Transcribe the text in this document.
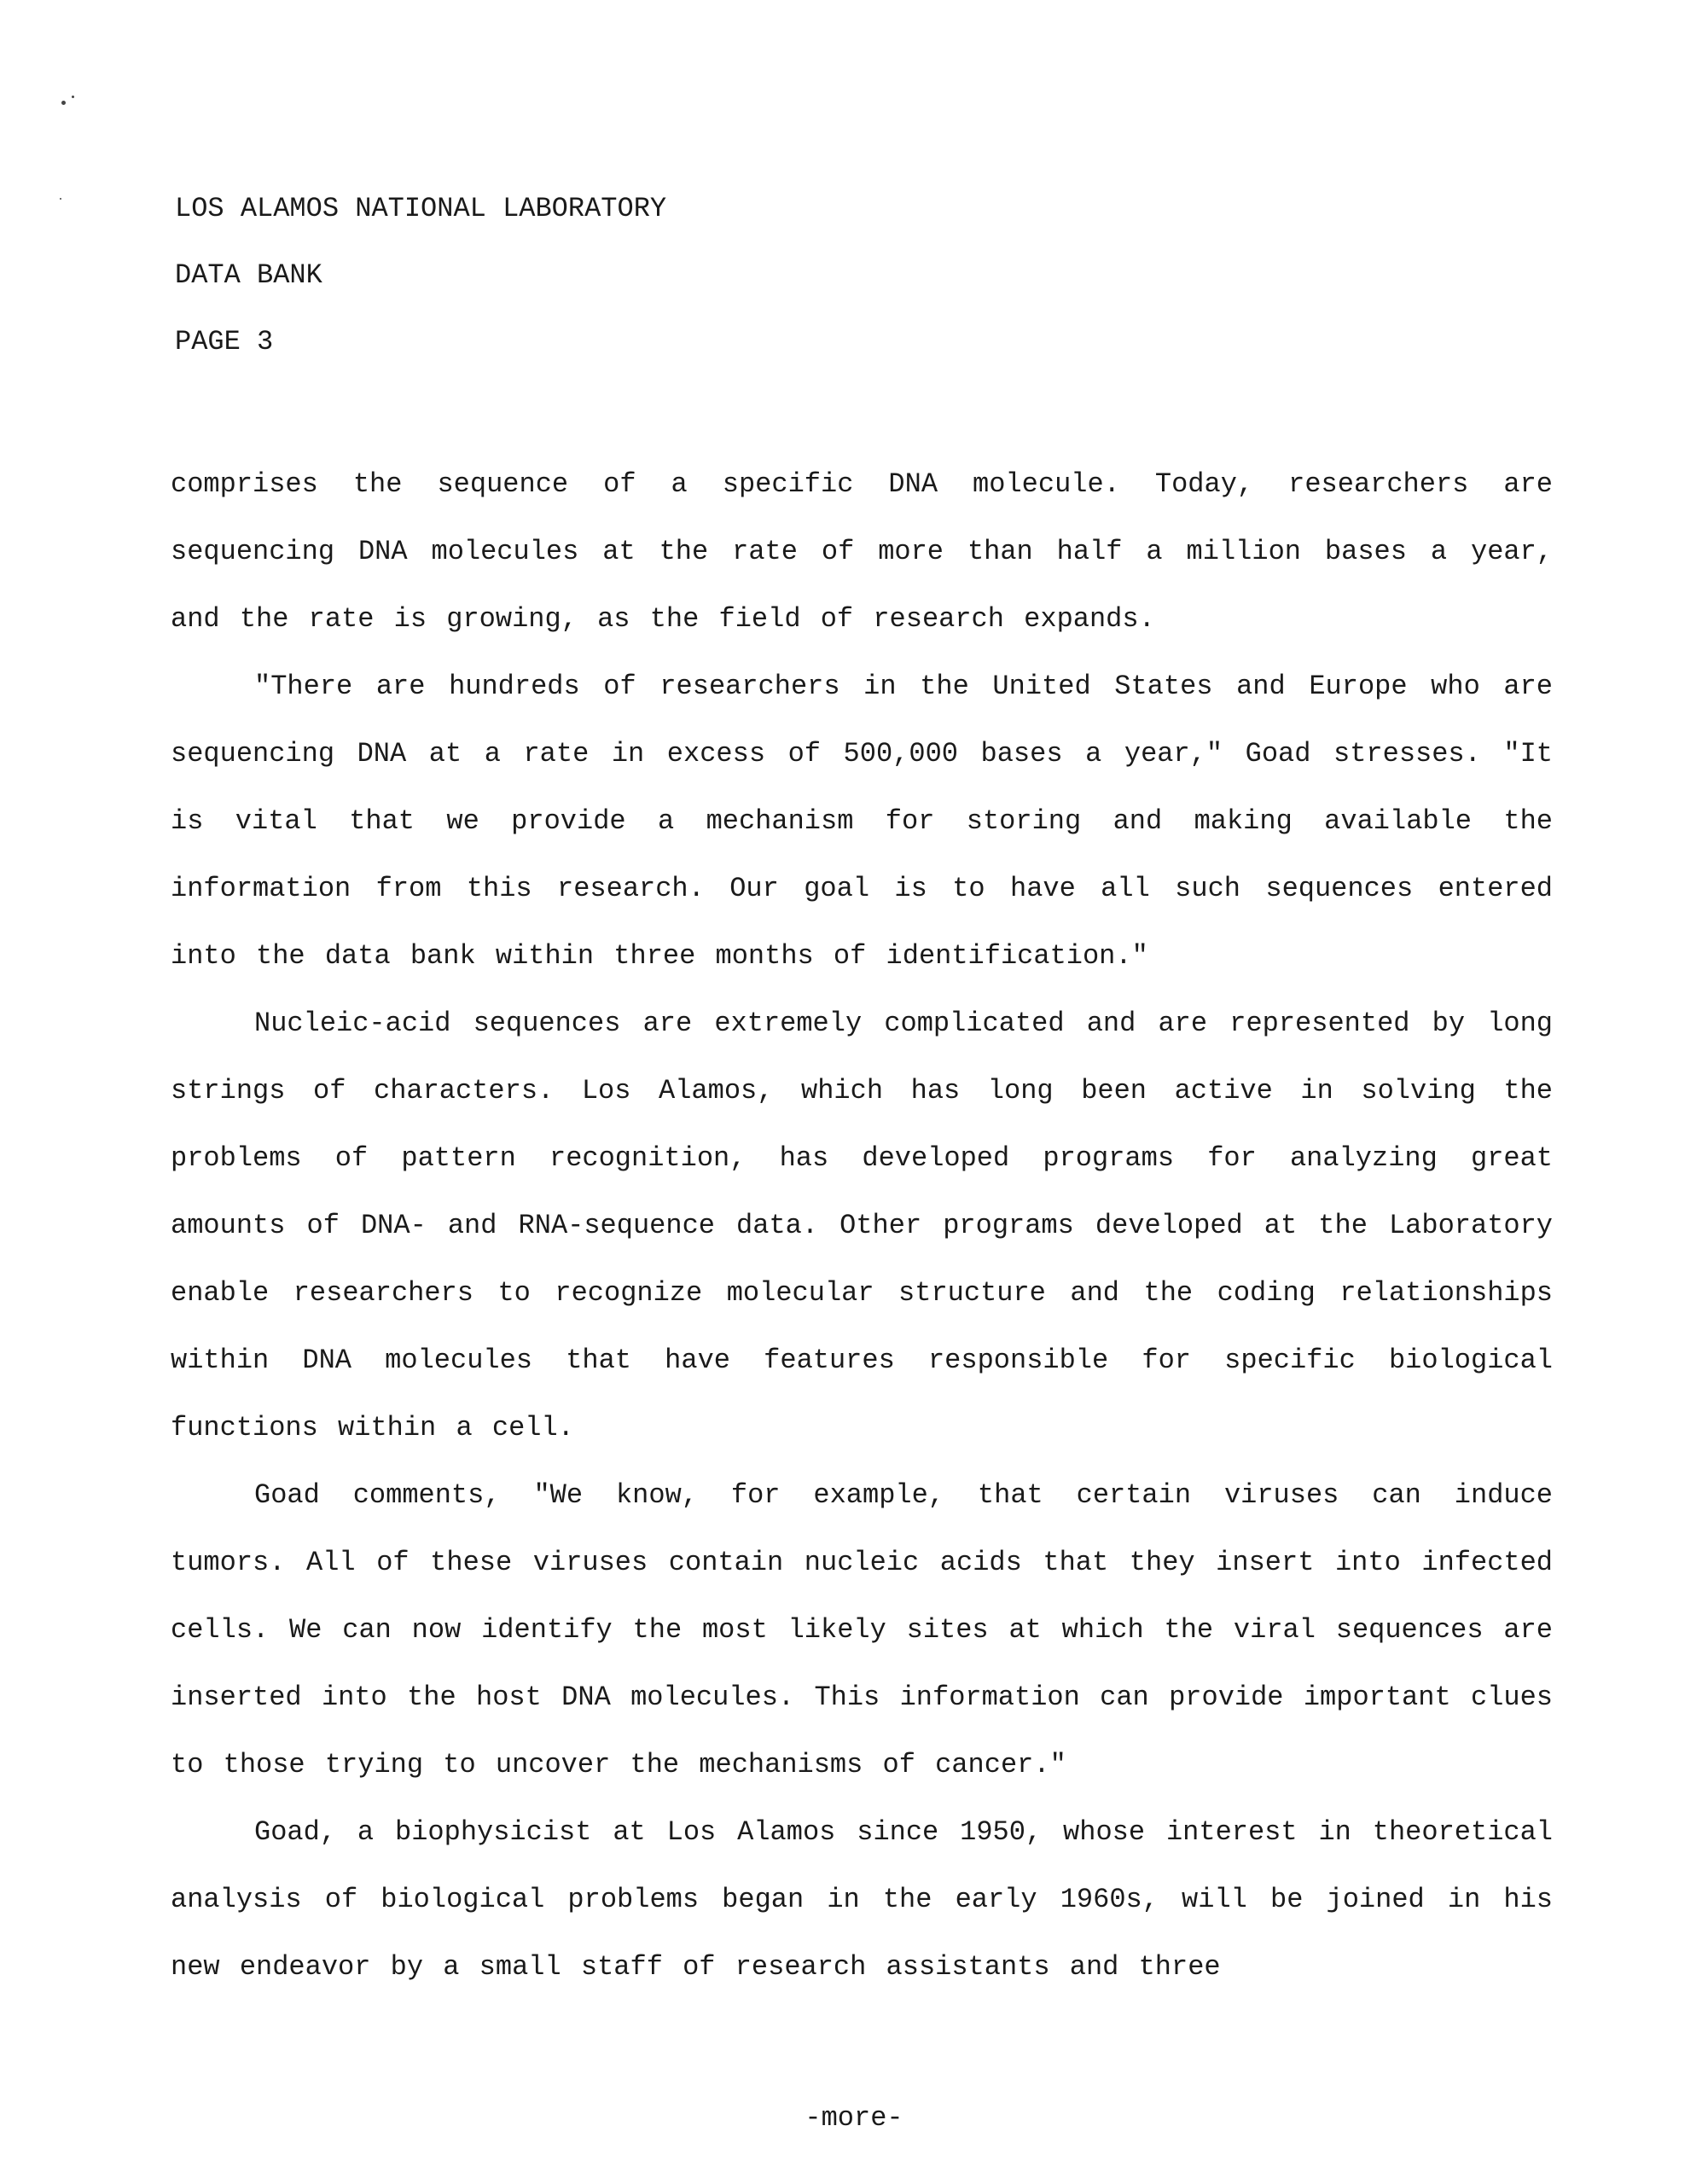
LOS ALAMOS NATIONAL LABORATORY
DATA BANK
PAGE 3

comprises the sequence of a specific DNA molecule. Today, researchers are sequencing DNA molecules at the rate of more than half a million bases a year, and the rate is growing, as the field of research expands.

"There are hundreds of researchers in the United States and Europe who are sequencing DNA at a rate in excess of 500,000 bases a year," Goad stresses. "It is vital that we provide a mechanism for storing and making available the information from this research. Our goal is to have all such sequences entered into the data bank within three months of identification."

Nucleic-acid sequences are extremely complicated and are represented by long strings of characters. Los Alamos, which has long been active in solving the problems of pattern recognition, has developed programs for analyzing great amounts of DNA- and RNA-sequence data. Other programs developed at the Laboratory enable researchers to recognize molecular structure and the coding relationships within DNA molecules that have features responsible for specific biological functions within a cell.

Goad comments, "We know, for example, that certain viruses can induce tumors. All of these viruses contain nucleic acids that they insert into infected cells. We can now identify the most likely sites at which the viral sequences are inserted into the host DNA molecules. This information can provide important clues to those trying to uncover the mechanisms of cancer."

Goad, a biophysicist at Los Alamos since 1950, whose interest in theoretical analysis of biological problems began in the early 1960s, will be joined in his new endeavor by a small staff of research assistants and three

-more-
